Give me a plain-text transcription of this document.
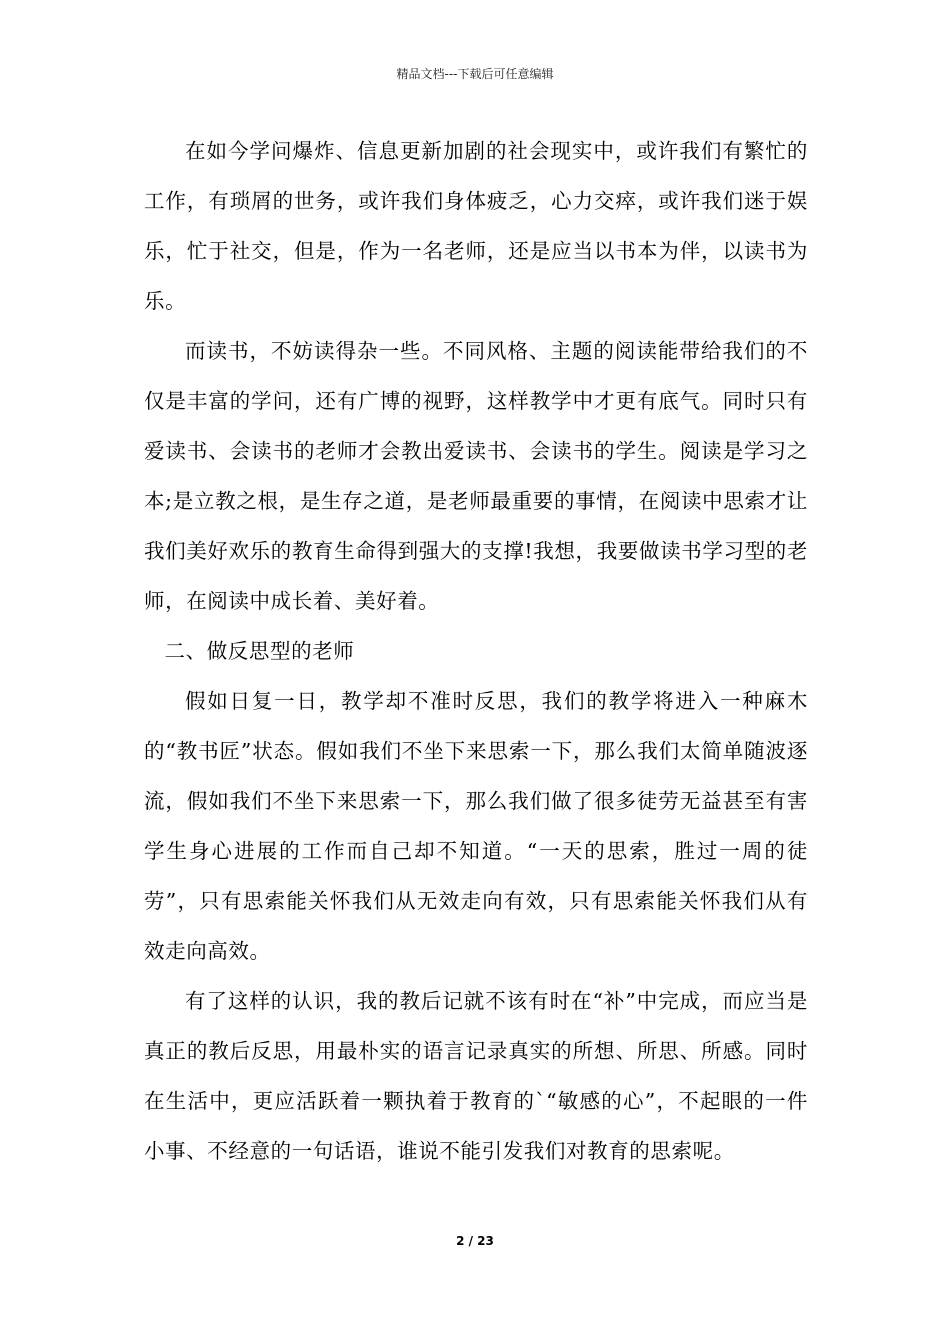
精品文档---下载后可任意编辑

在如今学问爆炸、信息更新加剧的社会现实中，或许我们有繁忙的工作，有琐屑的世务，或许我们身体疲乏，心力交瘁，或许我们迷于娱乐，忙于社交，但是，作为一名老师，还是应当以书本为伴，以读书为乐。

而读书，不妨读得杂一些。不同风格、主题的阅读能带给我们的不仅是丰富的学问，还有广博的视野，这样教学中才更有底气。同时只有爱读书、会读书的老师才会教出爱读书、会读书的学生。阅读是学习之本;是立教之根，是生存之道，是老师最重要的事情，在阅读中思索才让我们美好欢乐的教育生命得到强大的支撑!我想，我要做读书学习型的老师，在阅读中成长着、美好着。

二、做反思型的老师

假如日复一日，教学却不准时反思，我们的教学将进入一种麻木的“教书匠”状态。假如我们不坐下来思索一下，那么我们太简单随波逐流，假如我们不坐下来思索一下，那么我们做了很多徒劳无益甚至有害学生身心进展的工作而自己却不知道。“一天的思索，胜过一周的徒劳”，只有思索能关怀我们从无效走向有效，只有思索能关怀我们从有效走向高效。

有了这样的认识，我的教后记就不该有时在“补”中完成，而应当是真正的教后反思，用最朴实的语言记录真实的所想、所思、所感。同时在生活中，更应活跃着一颗执着于教育的`“敏感的心”，不起眼的一件小事、不经意的一句话语，谁说不能引发我们对教育的思索呢。

2 / 23
